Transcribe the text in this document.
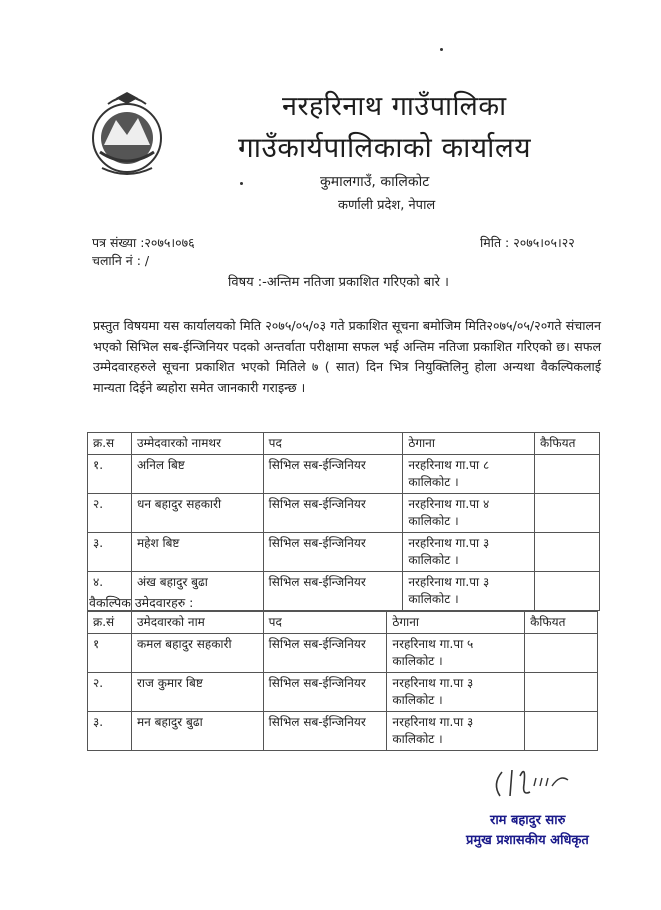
नरहरिनाथ गाउँपालिका
गाउँकार्यपालिकाको कार्यालय
कुमालगाउँ, कालिकोट
कर्णाली प्रदेश, नेपाल
पत्र संख्या :२०७५।०७६
चलानि नं : /
मिति : २०७५।०५।२२
विषय :-अन्तिम नतिजा प्रकाशित गरिएको बारे ।
प्रस्तुत विषयमा यस कार्यालयको मिति २०७५/०५/०३ गते प्रकाशित सूचना बमोजिम मिति२०७५/०५/२०गते संचालन भएको सिभिल सब-ईन्जिनियर पदको अन्तर्वाता परीक्षामा सफल भई अन्तिम नतिजा प्रकाशित गरिएको छ। सफल उम्मेदवारहरुले सूचना प्रकाशित भएको मितिले ७ ( सात) दिन भित्र नियुक्तिलिनु होला अन्यथा वैकल्पिकलाई मान्यता दिईने ब्यहोरा समेत जानकारी गराइन्छ ।
क्र.स	उम्मेदवारको नामथर	पद	ठेगाना	कैफियत
१.	अनिल बिष्ट	सिभिल सब-ईन्जिनियर	नरहरिनाथ गा.पा ८
कालिकोट ।	

२.	धन बहादुर सहकारी	सिभिल सब-ईन्जिनियर	नरहरिनाथ गा.पा ४
कालिकोट ।	

३.	महेश बिष्ट	सिभिल सब-ईन्जिनियर	नरहरिनाथ गा.पा ३
कालिकोट ।	

४.	अंख बहादुर बुढा	सिभिल सब-ईन्जिनियर	नरहरिनाथ गा.पा ३
कालिकोट ।	

वैकल्पिक उमेदवारहरु :
क्र.सं	उमेदवारको नाम	पद	ठेगाना	कैफियत
१	कमल बहादुर सहकारी	सिभिल सब-ईन्जिनियर	नरहरिनाथ गा.पा ५
कालिकोट ।	

२.	राज कुमार बिष्ट	सिभिल सब-ईन्जिनियर	नरहरिनाथ गा.पा ३
कालिकोट ।	

३.	मन बहादुर बुढा	सिभिल सब-ईन्जिनियर	नरहरिनाथ गा.पा ३
कालिकोट ।	

राम बहादुर सारु
प्रमुख प्रशासकीय अधिकृत
